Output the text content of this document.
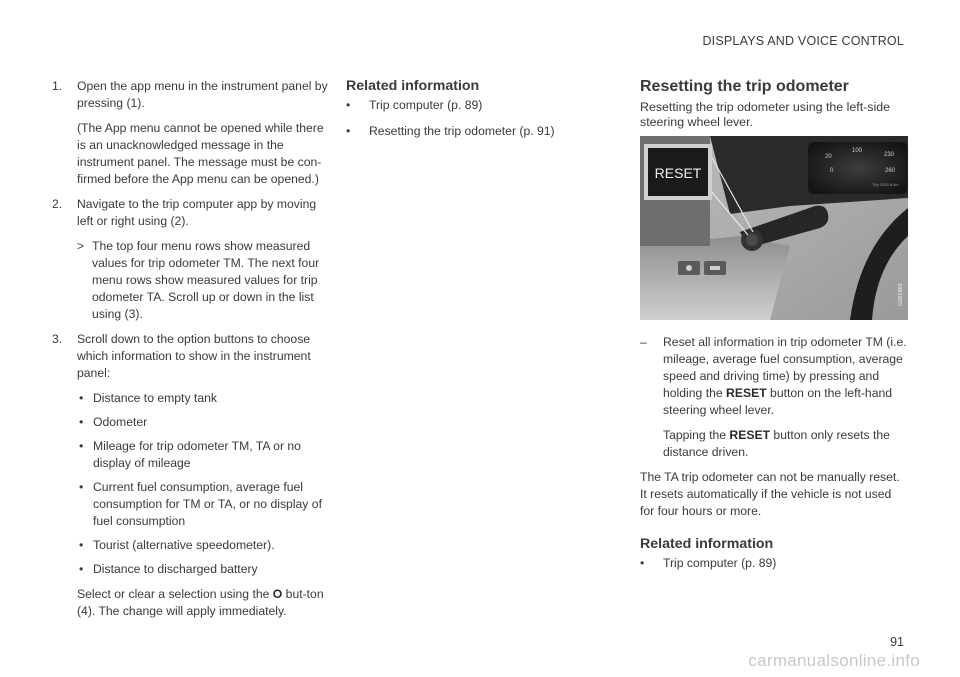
DISPLAYS AND VOICE CONTROL
1. Open the app menu in the instrument panel by pressing (1).

(The App menu cannot be opened while there is an unacknowledged message in the instrument panel. The message must be con-firmed before the App menu can be opened.)

2. Navigate to the trip computer app by moving left or right using (2).
> The top four menu rows show measured values for trip odometer TM. The next four menu rows show measured values for trip odometer TA. Scroll up or down in the list using (3).
3. Scroll down to the option buttons to choose which information to show in the instrument panel:
• Distance to empty tank
• Odometer
• Mileage for trip odometer TM, TA or no display of mileage
• Current fuel consumption, average fuel consumption for TM or TA, or no display of fuel consumption
• Tourist (alternative speedometer).
• Distance to discharged battery

Select or clear a selection using the O but-ton (4). The change will apply immediately.

Related information
• Trip computer (p. 89)
• Resetting the trip odometer (p. 91)
Resetting the trip odometer

Resetting the trip odometer using the left-side steering wheel lever.

20
100
230
0	260
Trip 1325.6 km
RESET
G061865
– Reset all information in trip odometer TM (i.e. mileage, average fuel consumption, average speed and driving time) by pressing and holding the RESET button on the left-hand steering wheel lever.

Tapping the RESET button only resets the distance driven.

The TA trip odometer can not be manually reset. It resets automatically if the vehicle is not used for four hours or more.

Related information
• Trip computer (p. 89)
91
carmanualsonline.info
